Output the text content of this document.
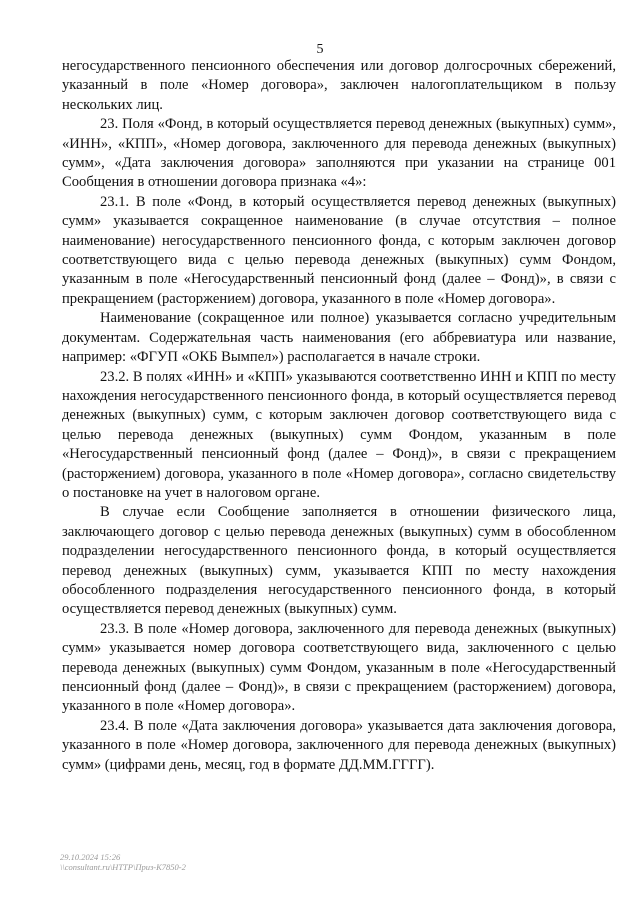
5

негосударственного пенсионного обеспечения или договор долгосрочных сбережений, указанный в поле «Номер договора», заключен налогоплательщиком в пользу нескольких лиц.

23. Поля «Фонд, в который осуществляется перевод денежных (выкупных) сумм», «ИНН», «КПП», «Номер договора, заключенного для перевода денежных (выкупных) сумм», «Дата заключения договора» заполняются при указании на странице 001 Сообщения в отношении договора признака «4»:

23.1. В поле «Фонд, в который осуществляется перевод денежных (выкупных) сумм» указывается сокращенное наименование (в случае отсутствия – полное наименование) негосударственного пенсионного фонда, с которым заключен договор соответствующего вида с целью перевода денежных (выкупных) сумм Фондом, указанным в поле «Негосударственный пенсионный фонд (далее – Фонд)», в связи с прекращением (расторжением) договора, указанного в поле «Номер договора».

Наименование (сокращенное или полное) указывается согласно учредительным документам. Содержательная часть наименования (его аббревиатура или название, например: «ФГУП «ОКБ Вымпел») располагается в начале строки.

23.2. В полях «ИНН» и «КПП» указываются соответственно ИНН и КПП по месту нахождения негосударственного пенсионного фонда, в который осуществляется перевод денежных (выкупных) сумм, с которым заключен договор соответствующего вида с целью перевода денежных (выкупных) сумм Фондом, указанным в поле «Негосударственный пенсионный фонд (далее – Фонд)», в связи с прекращением (расторжением) договора, указанного в поле «Номер договора», согласно свидетельству о постановке на учет в налоговом органе.

В случае если Сообщение заполняется в отношении физического лица, заключающего договор с целью перевода денежных (выкупных) сумм в обособленном подразделении негосударственного пенсионного фонда, в который осуществляется перевод денежных (выкупных) сумм, указывается КПП по месту нахождения обособленного подразделения негосударственного пенсионного фонда, в который осуществляется перевод денежных (выкупных) сумм.

23.3. В поле «Номер договора, заключенного для перевода денежных (выкупных) сумм» указывается номер договора соответствующего вида, заключенного с целью перевода денежных (выкупных) сумм Фондом, указанным в поле «Негосударственный пенсионный фонд (далее – Фонд)», в связи с прекращением (расторжением) договора, указанного в поле «Номер договора».

23.4. В поле «Дата заключения договора» указывается дата заключения договора, указанного в поле «Номер договора, заключенного для перевода денежных (выкупных) сумм» (цифрами день, месяц, год в формате ДД.ММ.ГГГГ).

29.10.2024 15:26
\\consultant.ru\HTTP\Приз-K7850-2
